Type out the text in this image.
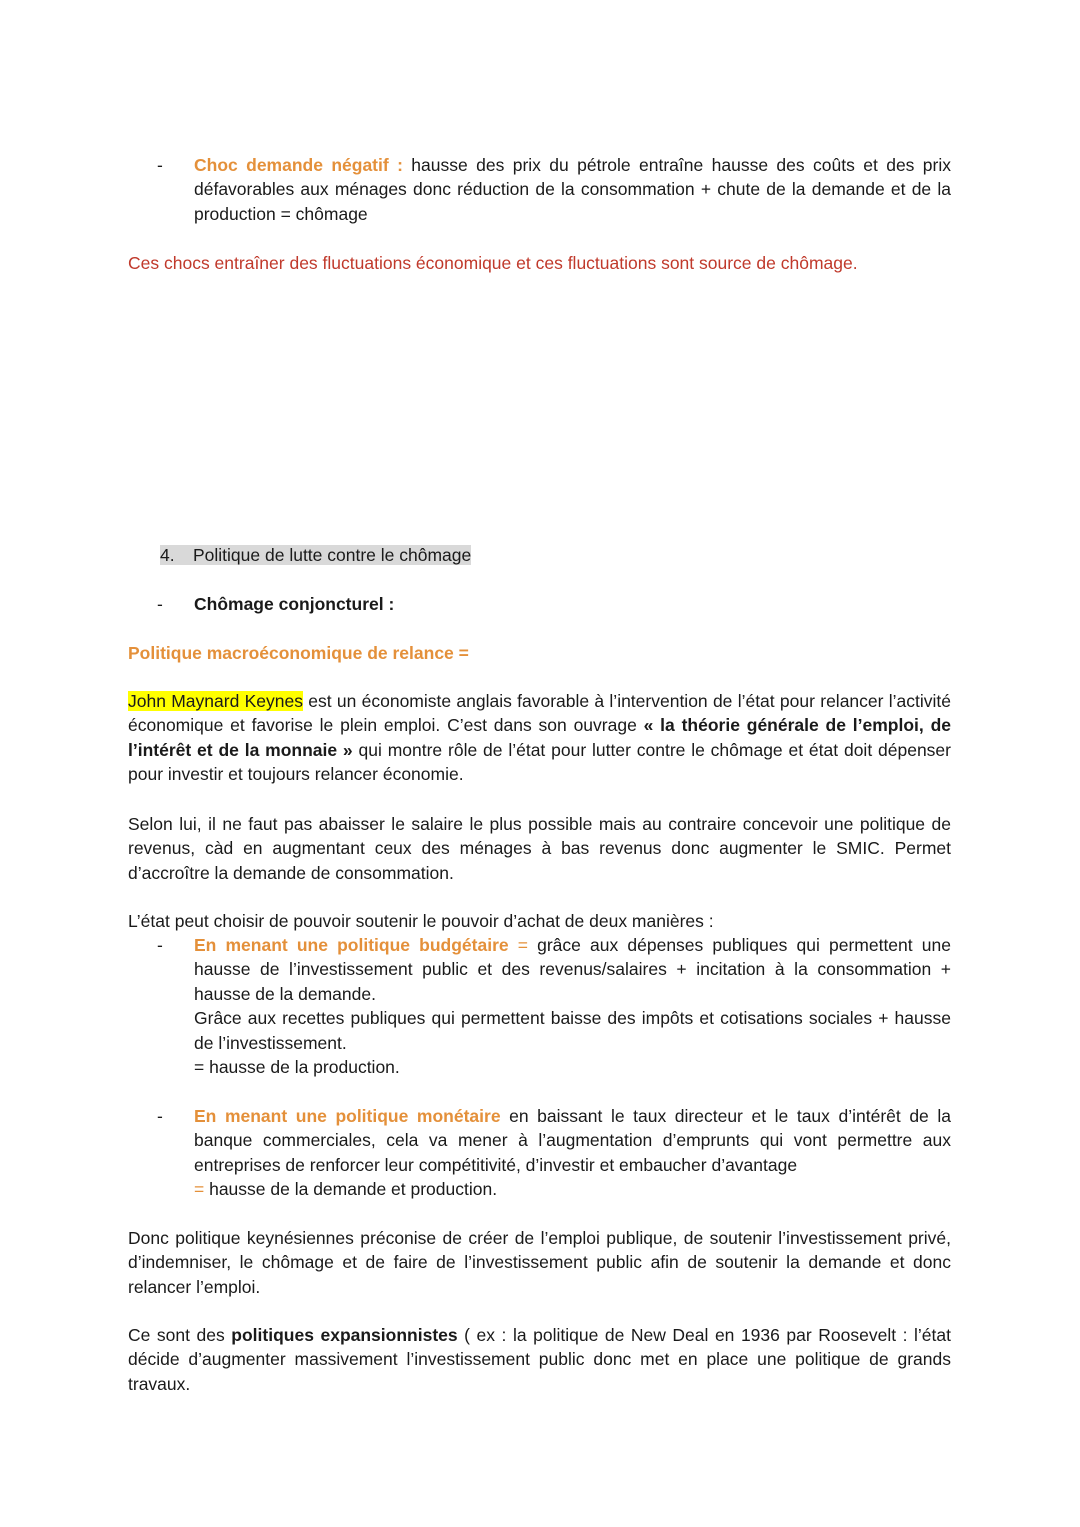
- Choc demande négatif : hausse des prix du pétrole entraîne hausse des coûts et des prix défavorables aux ménages donc réduction de la consommation + chute de la demande et de la production = chômage
Ces chocs entraîner des fluctuations économique et ces fluctuations sont source de chômage.
4. Politique de lutte contre le chômage
- Chômage conjoncturel :
Politique macroéconomique de relance =
John Maynard Keynes est un économiste anglais favorable à l’intervention de l’état pour relancer l’activité économique et favorise le plein emploi. C’est dans son ouvrage « la théorie générale de l’emploi, de l’intérêt et de la monnaie » qui montre rôle de l’état pour lutter contre le chômage et état doit dépenser pour investir et toujours relancer économie.
Selon lui, il ne faut pas abaisser le salaire le plus possible mais au contraire concevoir une politique de revenus, càd en augmentant ceux des ménages à bas revenus donc augmenter le SMIC. Permet d’accroître la demande de consommation.
L’état peut choisir de pouvoir soutenir le pouvoir d’achat de deux manières :
- En menant une politique budgétaire = grâce aux dépenses publiques qui permettent une hausse de l’investissement public et des revenus/salaires + incitation à la consommation + hausse de la demande.
Grâce aux recettes publiques qui permettent baisse des impôts et cotisations sociales + hausse de l’investissement.
= hausse de la production.
- En menant une politique monétaire en baissant le taux directeur et le taux d’intérêt de la banque commerciales, cela va mener à l’augmentation d’emprunts qui vont permettre aux entreprises de renforcer leur compétitivité, d’investir et embaucher d’avantage
= hausse de la demande et production.
Donc politique keynésiennes préconise de créer de l’emploi publique, de soutenir l’investissement privé, d’indemniser, le chômage et de faire de l’investissement public afin de soutenir la demande et donc relancer l’emploi.
Ce sont des politiques expansionnistes ( ex : la politique de New Deal en 1936 par Roosevelt : l’état décide d’augmenter massivement l’investissement public donc met en place une politique de grands travaux.
